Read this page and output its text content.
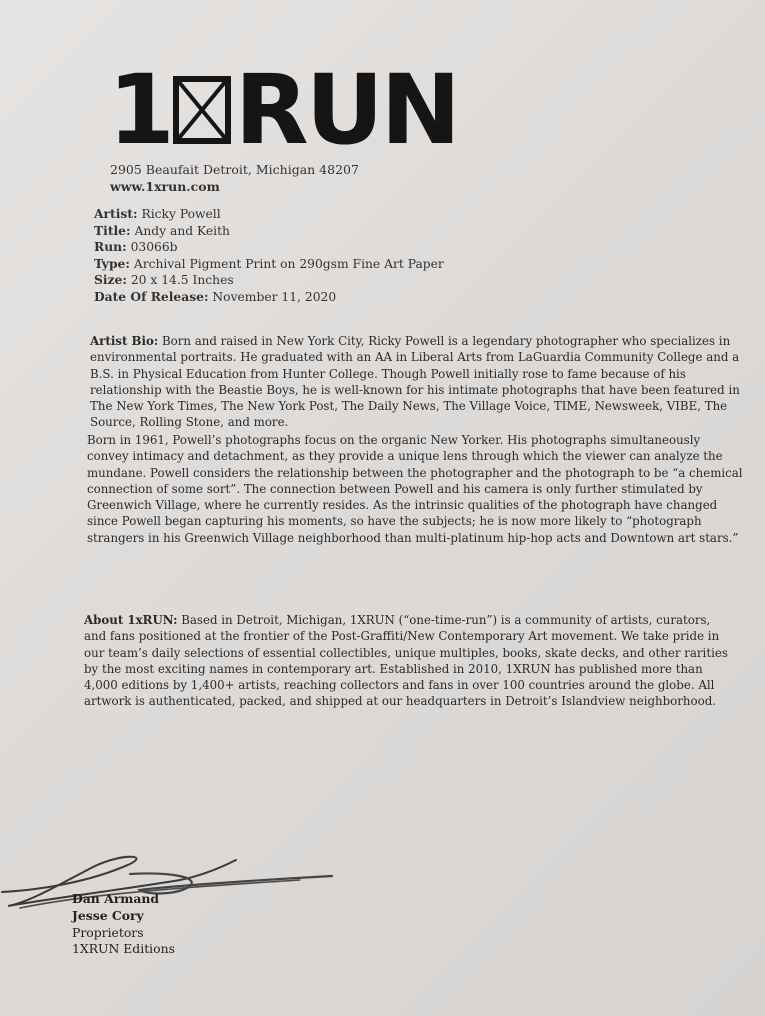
1 RUN
2905 Beaufait Detroit, Michigan 48207
www.1xrun.com
Artist: Ricky Powell
Title: Andy and Keith
Run: 03066b
Type: Archival Pigment Print on 290gsm Fine Art Paper
Size: 20 x 14.5 Inches
Date Of Release: November 11, 2020

Artist Bio: Born and raised in New York City, Ricky Powell is a legendary photographer who specializes in environmental portraits. He graduated with an AA in Liberal Arts from LaGuardia Community College and a B.S. in Physical Education from Hunter College. Though Powell initially rose to fame because of his relationship with the Beastie Boys, he is well-known for his intimate photographs that have been featured in The New York Times, The New York Post, The Daily News, The Village Voice, TIME, Newsweek, VIBE, The Source, Rolling Stone, and more.

Born in 1961, Powell’s photographs focus on the organic New Yorker. His photographs simultaneously convey intimacy and detachment, as they provide a unique lens through which the viewer can analyze the mundane. Powell considers the relationship between the photographer and the photograph to be “a chemical connection of some sort”. The connection between Powell and his camera is only further stimulated by Greenwich Village, where he currently resides. As the intrinsic qualities of the photograph have changed since Powell began capturing his moments, so have the subjects; he is now more likely to “photograph strangers in his Greenwich Village neighborhood than multi-platinum hip-hop acts and Downtown art stars.”

About 1xRUN: Based in Detroit, Michigan, 1XRUN (“one-time-run”) is a community of artists, curators, and fans positioned at the frontier of the Post-Graffiti/New Contemporary Art movement. We take pride in our team’s daily selections of essential collectibles, unique multiples, books, skate decks, and other rarities by the most exciting names in contemporary art. Established in 2010, 1XRUN has published more than 4,000 editions by 1,400+ artists, reaching collectors and fans in over 100 countries around the globe. All artwork is authenticated, packed, and shipped at our headquarters in Detroit’s Islandview neighborhood.

Dan Armand
Jesse Cory
Proprietors
1XRUN Editions
